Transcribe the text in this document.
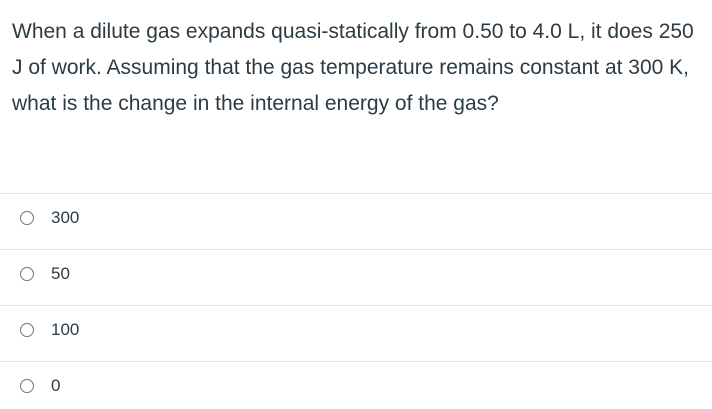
When a dilute gas expands quasi-statically from 0.50 to 4.0 L, it does 250 J of work. Assuming that the gas temperature remains constant at 300 K, what is the change in the internal energy of the gas?
300
50
100
0
